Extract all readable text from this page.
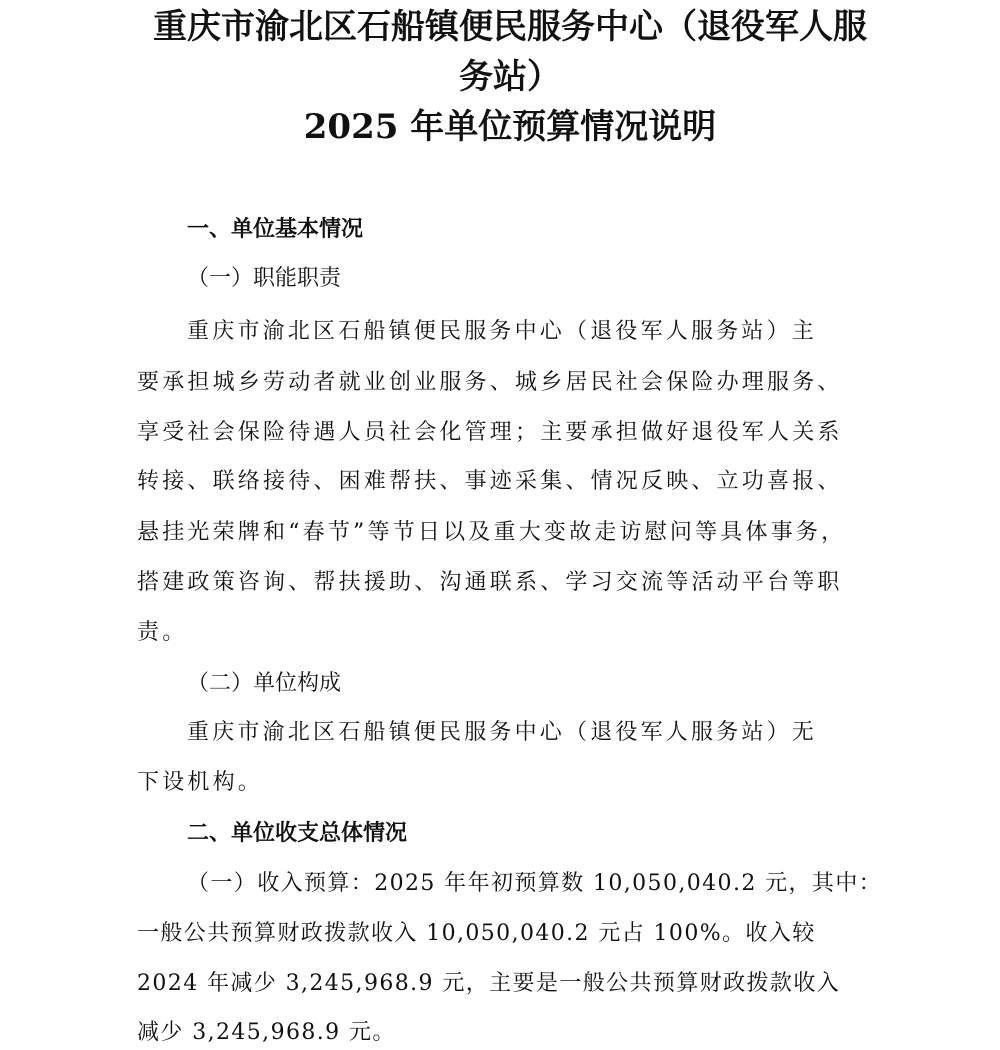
重庆市渝北区石船镇便民服务中心（退役军人服
务站）
2025 年单位预算情况说明

一、单位基本情况

（一）职能职责

重庆市渝北区石船镇便民服务中心（退役军人服务站）主

要承担城乡劳动者就业创业服务、城乡居民社会保险办理服务、

享受社会保险待遇人员社会化管理；主要承担做好退役军人关系

转接、联络接待、困难帮扶、事迹采集、情况反映、立功喜报、

悬挂光荣牌和“春节”等节日以及重大变故走访慰问等具体事务，

搭建政策咨询、帮扶援助、沟通联系、学习交流等活动平台等职

责。

（二）单位构成

重庆市渝北区石船镇便民服务中心（退役军人服务站）无

下设机构。

二、单位收支总体情况

（一）收入预算：2025 年年初预算数 10,050,040.2 元，其中：

一般公共预算财政拨款收入 10,050,040.2 元占 100%。收入较

2024 年减少 3,245,968.9 元，主要是一般公共预算财政拨款收入

减少 3,245,968.9 元。
